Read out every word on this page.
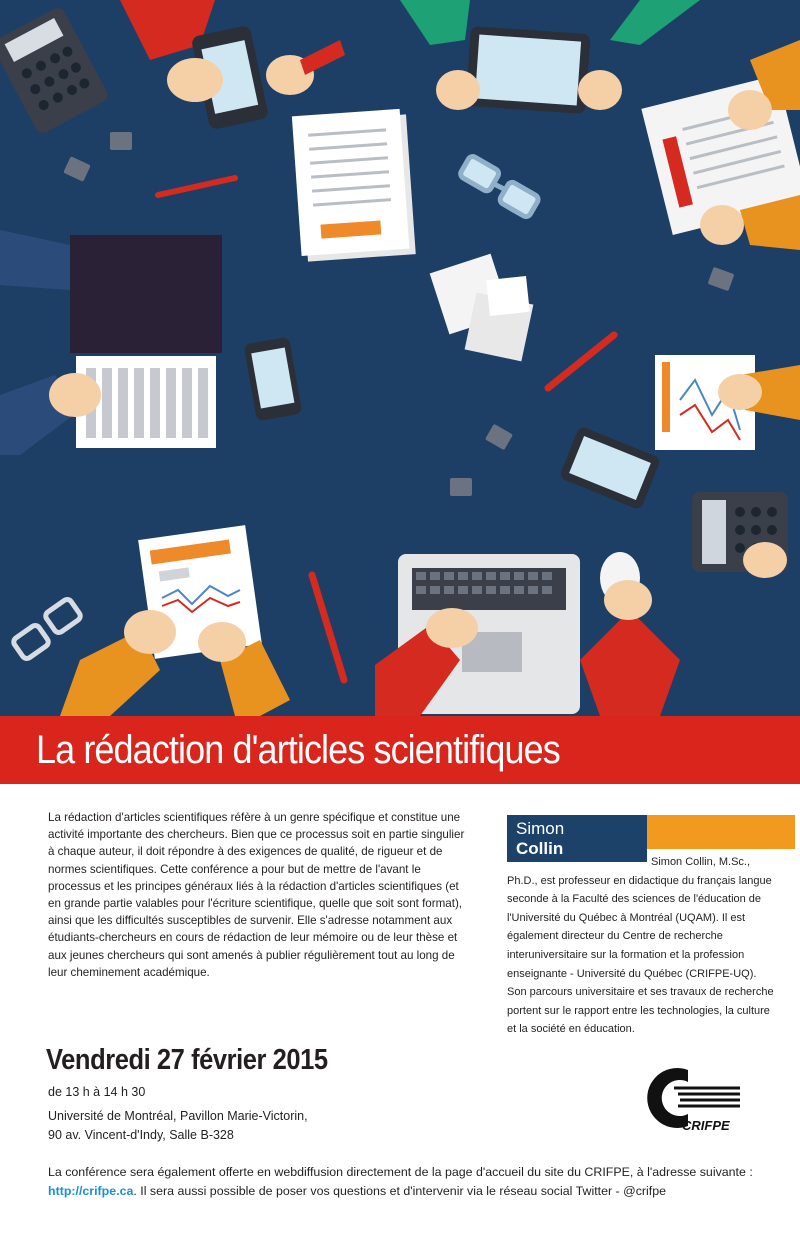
La rédaction d'articles scientifiques

La rédaction d'articles scientifiques réfère à un genre spécifique et constitue une activité importante des chercheurs. Bien que ce processus soit en partie singulier à chaque auteur, il doit répondre à des exigences de qualité, de rigueur et de normes scientifiques. Cette conférence a pour but de mettre de l'avant le processus et les principes généraux liés à la rédaction d'articles scientifiques (et en grande partie valables pour l'écriture scientifique, quelle que soit sont format), ainsi que les difficultés susceptibles de survenir. Elle s'adresse notamment aux étudiants-chercheurs en cours de rédaction de leur mémoire ou de leur thèse et aux jeunes chercheurs qui sont amenés à publier régulièrement tout au long de leur cheminement académique.

Simon
Collin

Simon Collin, M.Sc., Ph.D., est professeur en didactique du français langue seconde à la Faculté des sciences de l'éducation de l'Université du Québec à Montréal (UQAM). Il est également directeur du Centre de recherche interuniversitaire sur la formation et la profession enseignante - Université du Québec (CRIFPE-UQ). Son parcours universitaire et ses travaux de recherche portent sur le rapport entre les technologies, la culture et la société en éducation.

Vendredi 27 février 2015
de 13 h à 14 h 30
Université de Montréal, Pavillon Marie-Victorin,
90 av. Vincent-d'Indy, Salle B-328
La conférence sera également offerte en webdiffusion directement de la page d'accueil du site du CRIFPE, à l'adresse suivante : http://crifpe.ca. Il sera aussi possible de poser vos questions et d'intervenir via le réseau social Twitter - @crifpe
CRIFPE
